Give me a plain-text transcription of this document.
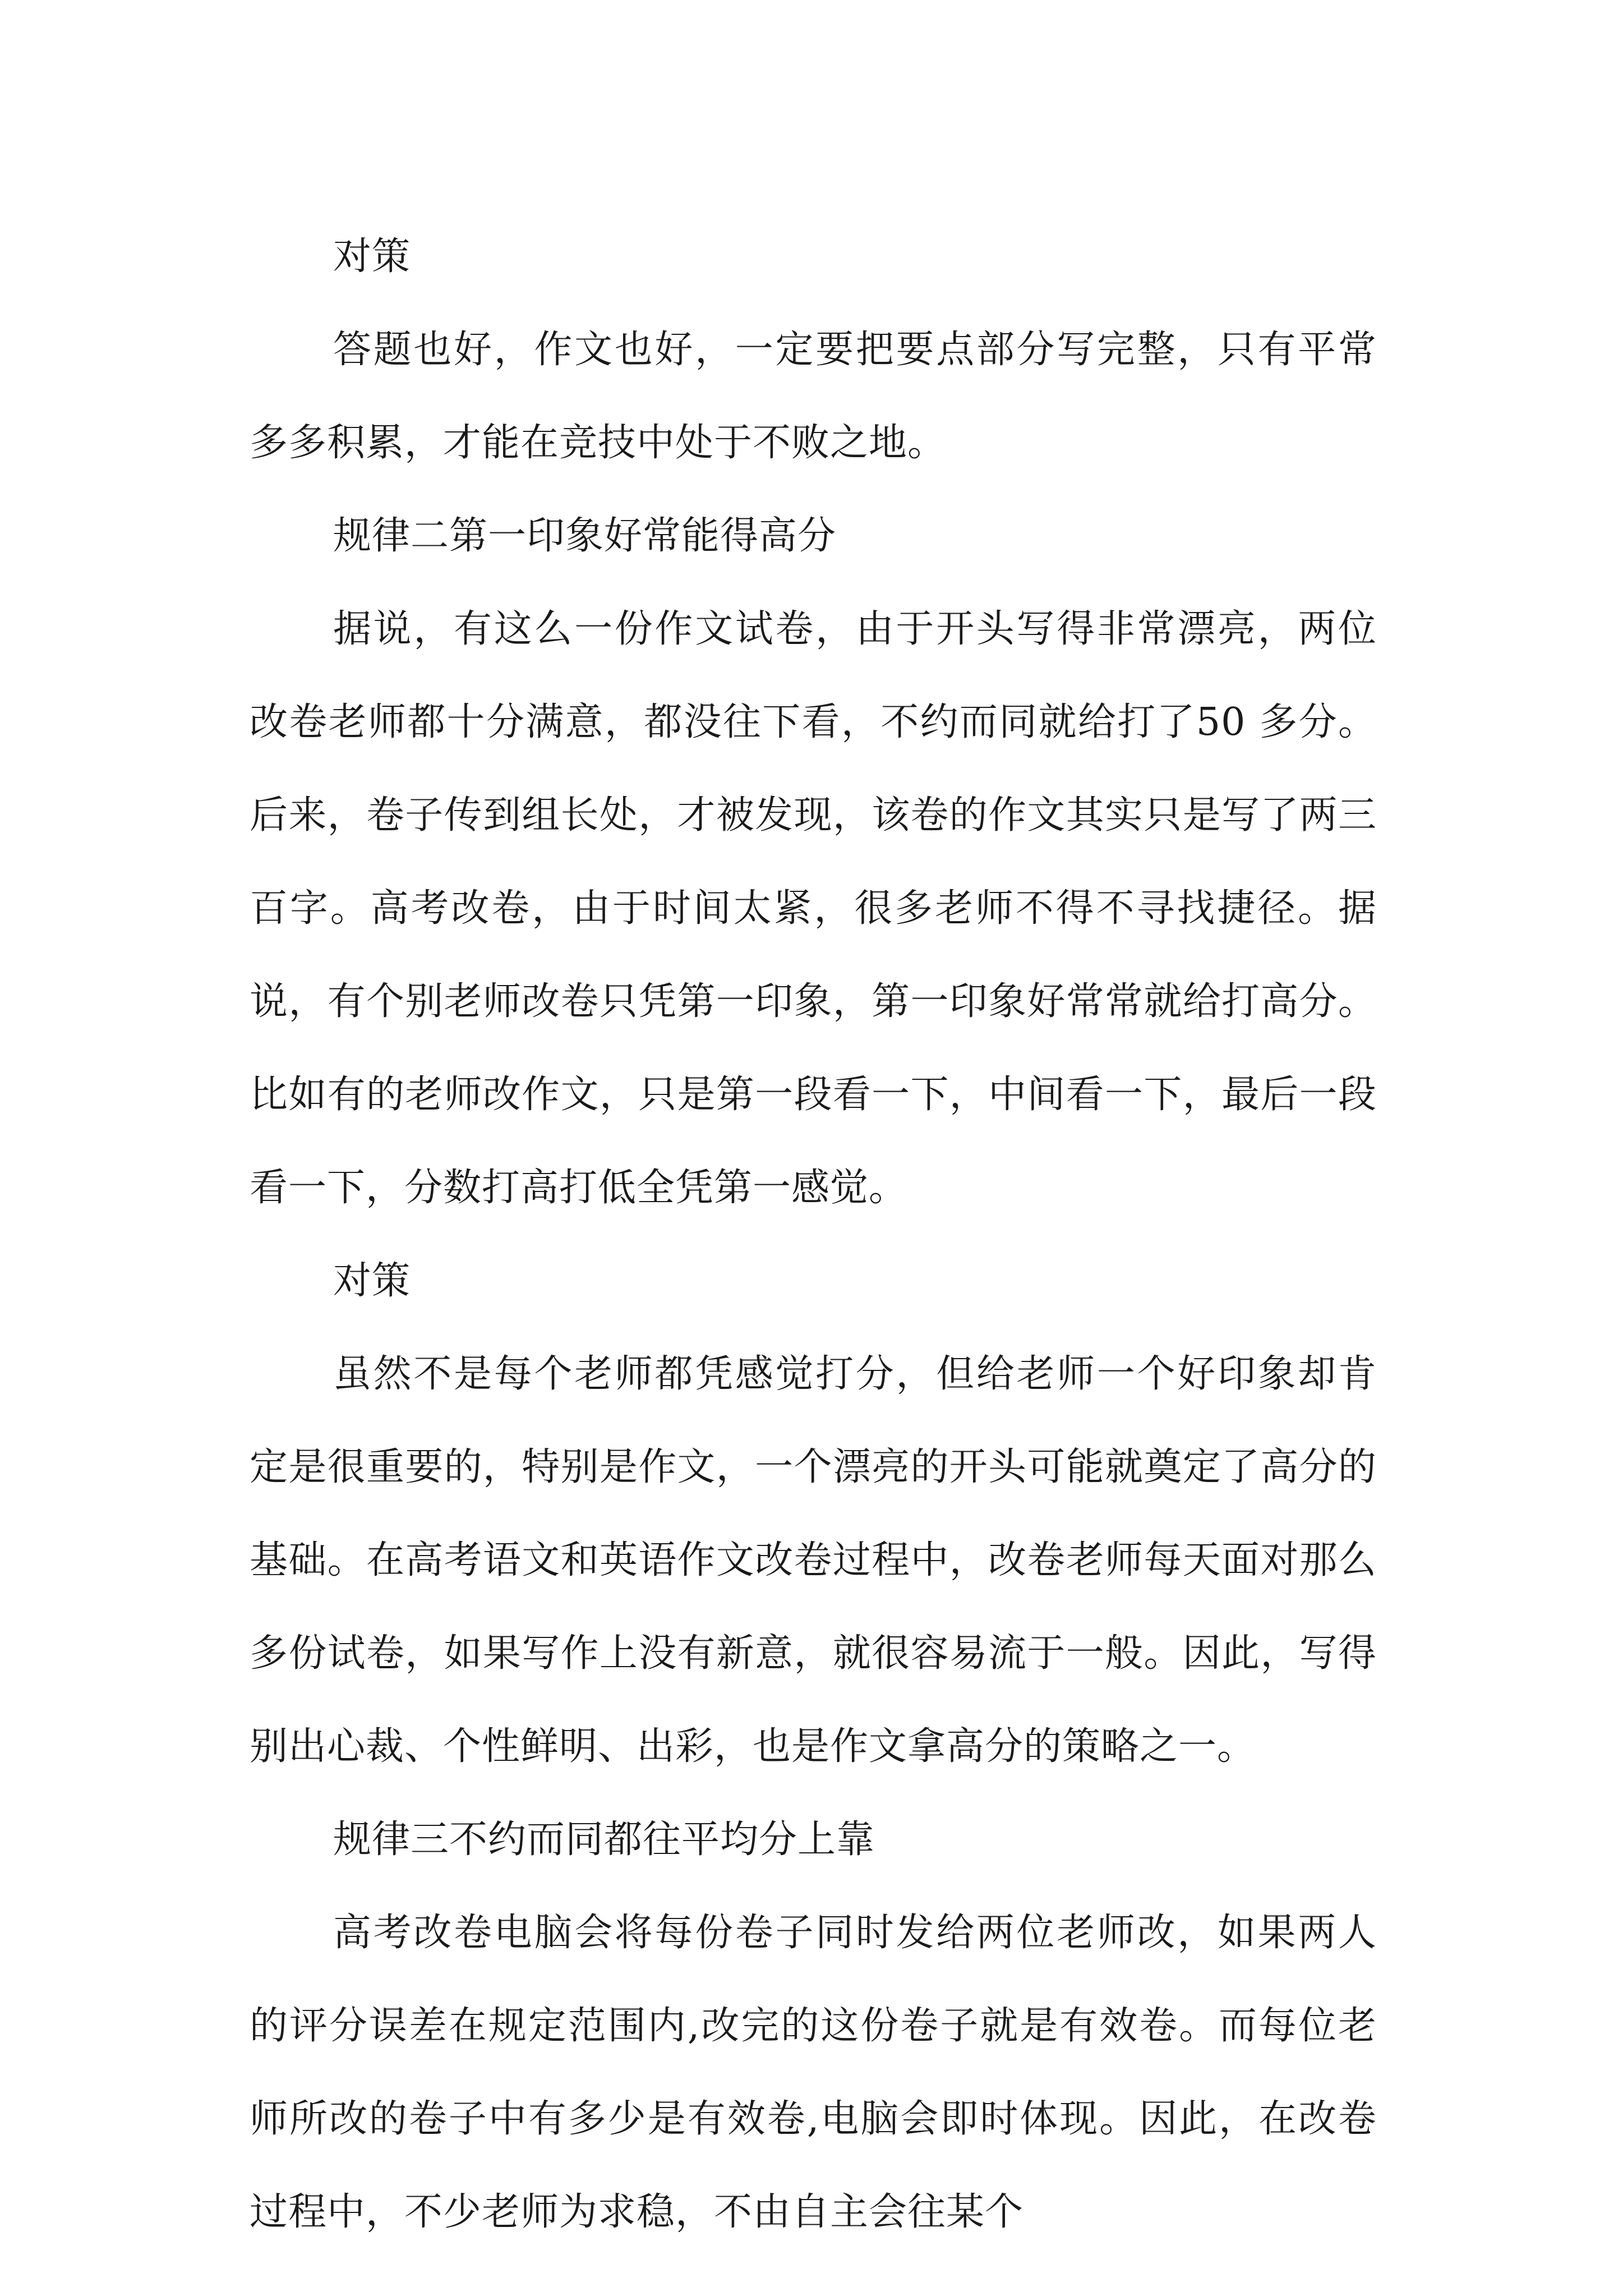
对策

答题也好，作文也好，一定要把要点部分写完整，只有平常多多积累，才能在竞技中处于不败之地。

规律二第一印象好常能得高分

据说，有这么一份作文试卷，由于开头写得非常漂亮，两位改卷老师都十分满意，都没往下看，不约而同就给打了50 多分。后来，卷子传到组长处，才被发现，该卷的作文其实只是写了两三百字。高考改卷，由于时间太紧，很多老师不得不寻找捷径。据说，有个别老师改卷只凭第一印象，第一印象好常常就给打高分。比如有的老师改作文，只是第一段看一下，中间看一下，最后一段看一下，分数打高打低全凭第一感觉。

对策

虽然不是每个老师都凭感觉打分，但给老师一个好印象却肯定是很重要的，特别是作文，一个漂亮的开头可能就奠定了高分的基础。在高考语文和英语作文改卷过程中，改卷老师每天面对那么多份试卷，如果写作上没有新意，就很容易流于一般。因此，写得别出心裁、个性鲜明、出彩，也是作文拿高分的策略之一。

规律三不约而同都往平均分上靠

高考改卷电脑会将每份卷子同时发给两位老师改，如果两人的评分误差在规定范围内,改完的这份卷子就是有效卷。而每位老师所改的卷子中有多少是有效卷,电脑会即时体现。因此，在改卷过程中，不少老师为求稳，不由自主会往某个
